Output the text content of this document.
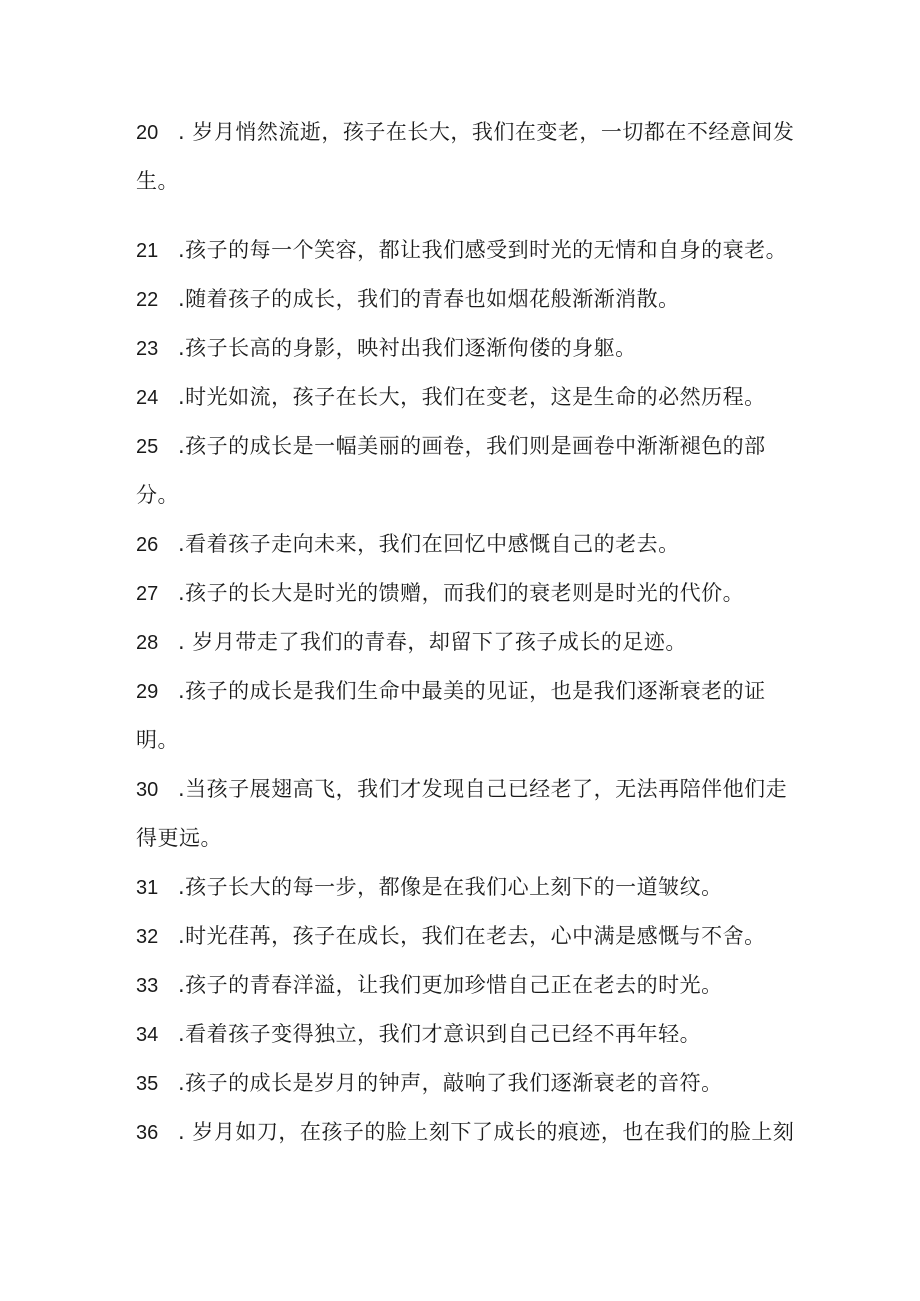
20 . 岁月悄然流逝，孩子在长大，我们在变老，一切都在不经意间发
生。
21 .孩子的每一个笑容，都让我们感受到时光的无情和自身的衰老。
22 .随着孩子的成长，我们的青春也如烟花般渐渐消散。
23 .孩子长高的身影，映衬出我们逐渐佝偻的身躯。
24 .时光如流，孩子在长大，我们在变老，这是生命的必然历程。
25 .孩子的成长是一幅美丽的画卷，我们则是画卷中渐渐褪色的部
分。
26 .看着孩子走向未来，我们在回忆中感慨自己的老去。
27 .孩子的长大是时光的馈赠，而我们的衰老则是时光的代价。
28 . 岁月带走了我们的青春，却留下了孩子成长的足迹。
29 .孩子的成长是我们生命中最美的见证，也是我们逐渐衰老的证
明。
30 .当孩子展翅高飞，我们才发现自己已经老了，无法再陪伴他们走
得更远。
31 .孩子长大的每一步，都像是在我们心上刻下的一道皱纹。
32 .时光荏苒，孩子在成长，我们在老去，心中满是感慨与不舍。
33 .孩子的青春洋溢，让我们更加珍惜自己正在老去的时光。
34 .看着孩子变得独立，我们才意识到自己已经不再年轻。
35 .孩子的成长是岁月的钟声，敲响了我们逐渐衰老的音符。
36 . 岁月如刀，在孩子的脸上刻下了成长的痕迹，也在我们的脸上刻
